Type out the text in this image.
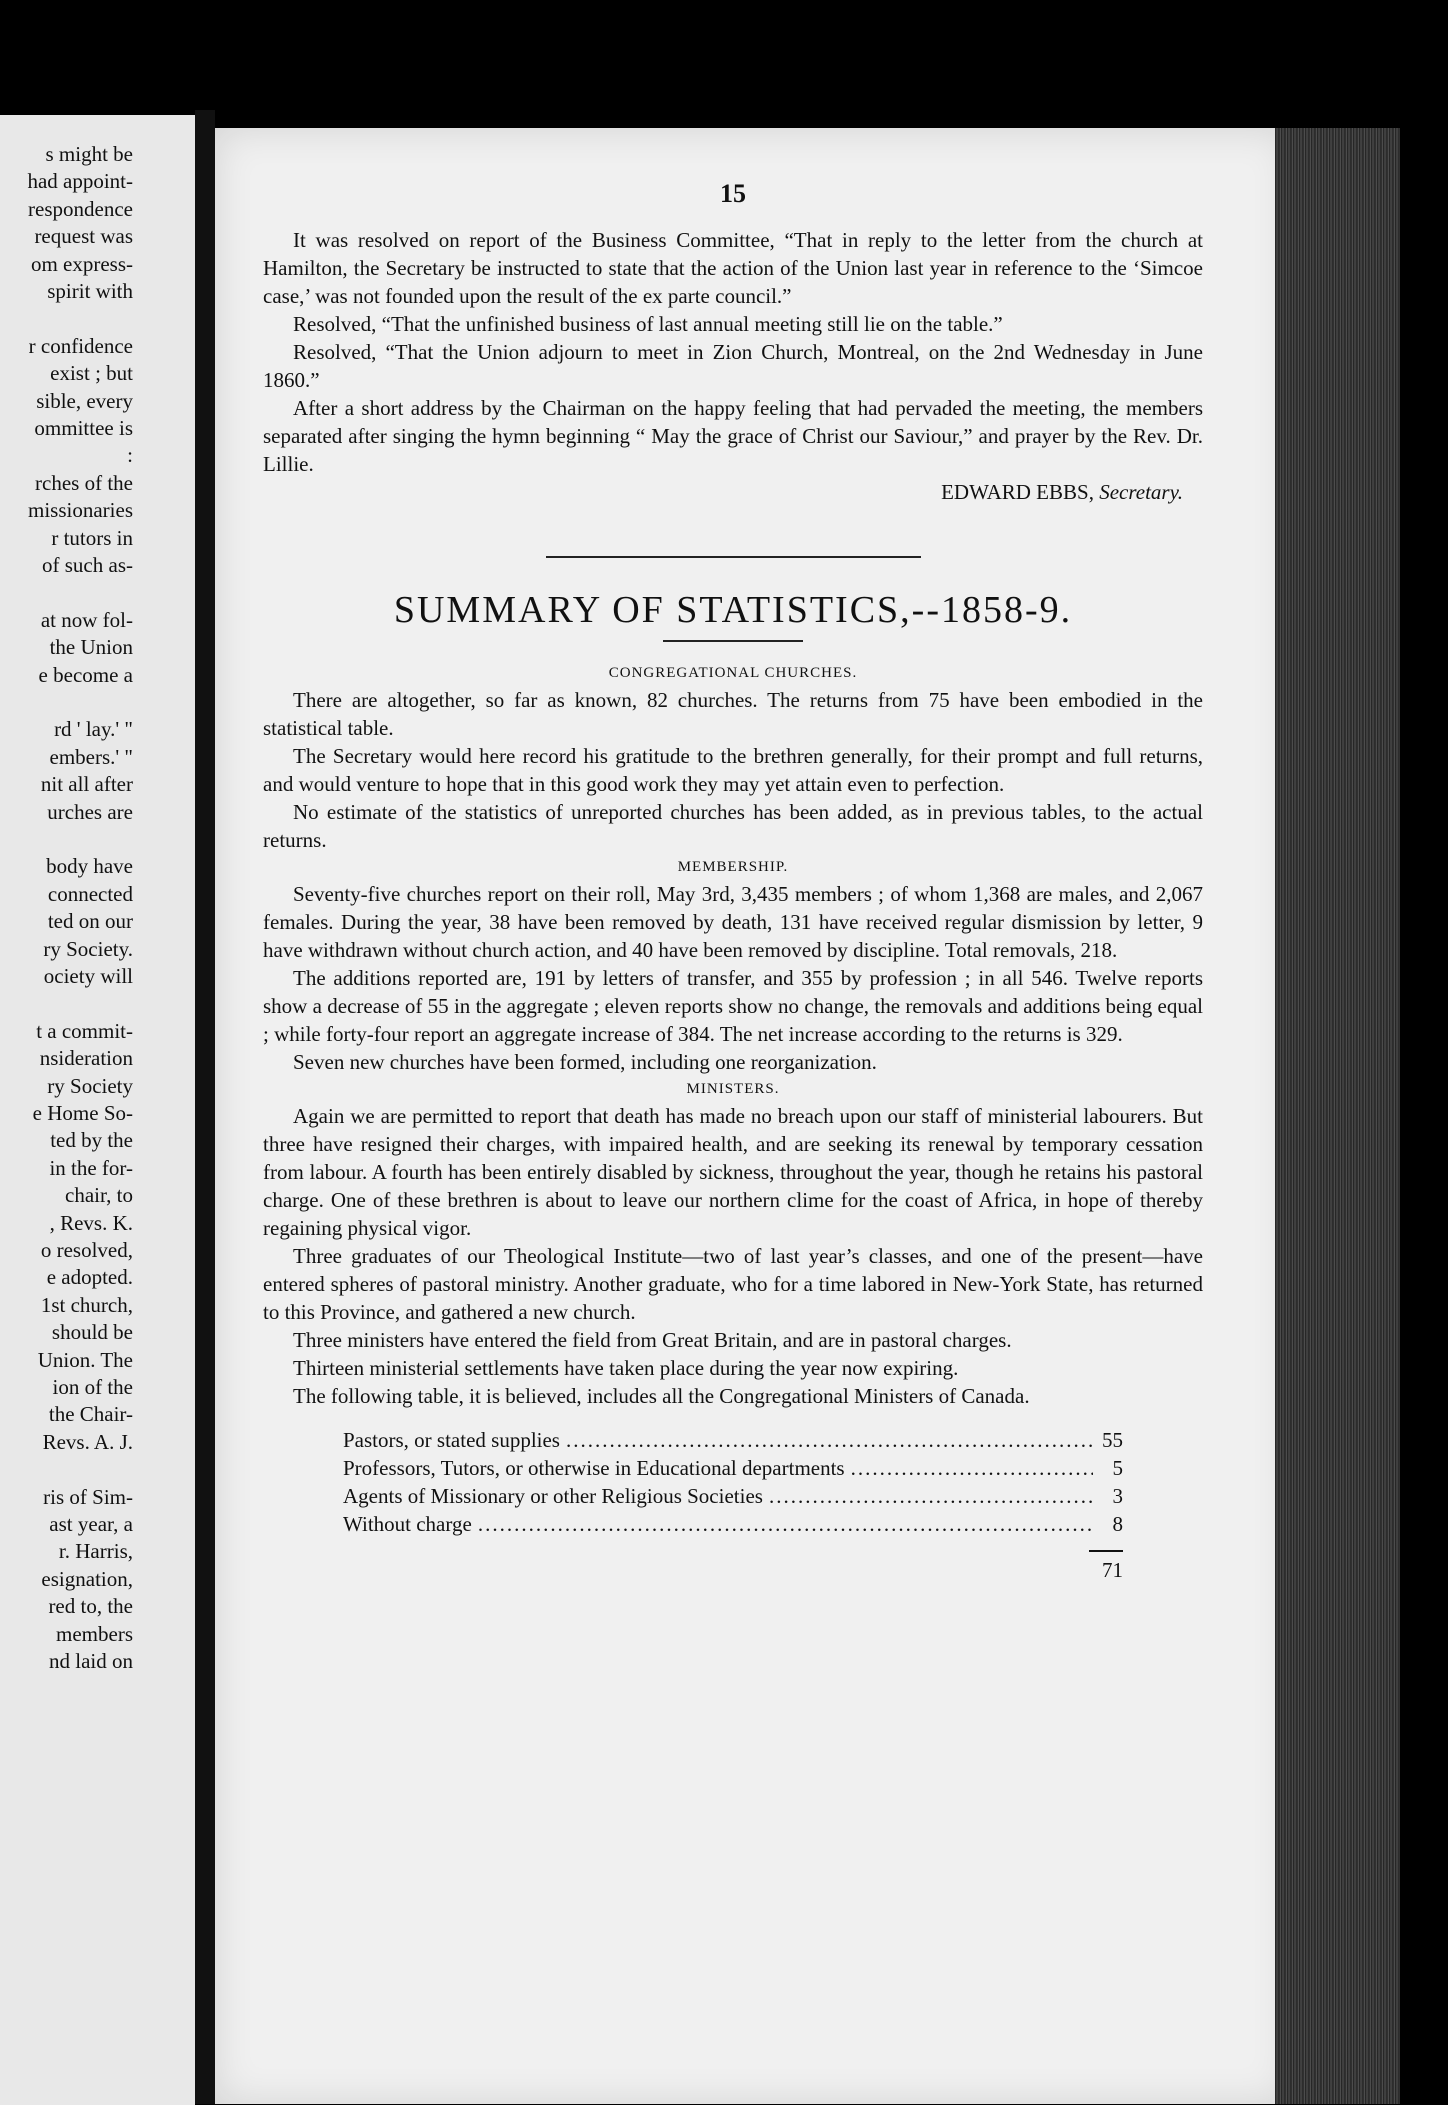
s might be
had appoint-
respondence
request was
om express-
spirit with
r confidence
exist ; but
sible, every
ommittee is
:
rches of the
missionaries
r tutors in
of such as-
at now fol-
the Union
e become a
rd ' lay.' "
embers.' "
nit all after
urches are
body have
connected
ted on our
ry Society.
ociety will
t a commit-
nsideration
ry Society
e Home So-
ted by the
in the for-
chair, to
, Revs. K.
o resolved,
e adopted.
1st church,
should be
Union. The
ion of the
the Chair-
Revs. A. J.
ris of Sim-
ast year, a
r. Harris,
esignation,
red to, the
members
nd laid on
15

It was resolved on report of the Business Committee, “That in reply to the letter from the church at Hamilton, the Secretary be instructed to state that the action of the Union last year in reference to the ‘Simcoe case,’ was not founded upon the result of the ex parte council.”

Resolved, “That the unfinished business of last annual meeting still lie on the table.”

Resolved, “That the Union adjourn to meet in Zion Church, Montreal, on the 2nd Wednesday in June 1860.”

After a short address by the Chairman on the happy feeling that had pervaded the meeting, the members separated after singing the hymn beginning “ May the grace of Christ our Saviour,” and prayer by the Rev. Dr. Lillie.

EDWARD EBBS, Secretary.

SUMMARY OF STATISTICS,--1858-9.

CONGREGATIONAL CHURCHES.

There are altogether, so far as known, 82 churches. The returns from 75 have been embodied in the statistical table.

The Secretary would here record his gratitude to the brethren generally, for their prompt and full returns, and would venture to hope that in this good work they may yet attain even to perfection.

No estimate of the statistics of unreported churches has been added, as in previous tables, to the actual returns.

MEMBERSHIP.

Seventy-five churches report on their roll, May 3rd, 3,435 members ; of whom 1,368 are males, and 2,067 females. During the year, 38 have been removed by death, 131 have received regular dismission by letter, 9 have withdrawn without church action, and 40 have been removed by discipline. Total removals, 218.

The additions reported are, 191 by letters of transfer, and 355 by profession ; in all 546. Twelve reports show a decrease of 55 in the aggregate ; eleven reports show no change, the removals and additions being equal ; while forty-four report an aggregate increase of 384. The net increase according to the returns is 329.

Seven new churches have been formed, including one reorganization.

MINISTERS.

Again we are permitted to report that death has made no breach upon our staff of ministerial labourers. But three have resigned their charges, with impaired health, and are seeking its renewal by temporary cessation from labour. A fourth has been entirely disabled by sickness, throughout the year, though he retains his pastoral charge. One of these brethren is about to leave our northern clime for the coast of Africa, in hope of thereby regaining physical vigor.

Three graduates of our Theological Institute—two of last year’s classes, and one of the present—have entered spheres of pastoral ministry. Another graduate, who for a time labored in New-York State, has returned to this Province, and gathered a new church.

Three ministers have entered the field from Great Britain, and are in pastoral charges.

Thirteen ministerial settlements have taken place during the year now expiring.

The following table, it is believed, includes all the Congregational Ministers of Canada.

Pastors, or stated supplies .....	55
Professors, Tutors, or otherwise in Educational departments .....	5
Agents of Missionary or other Religious Societies .....	3
Without charge .....	8
71
